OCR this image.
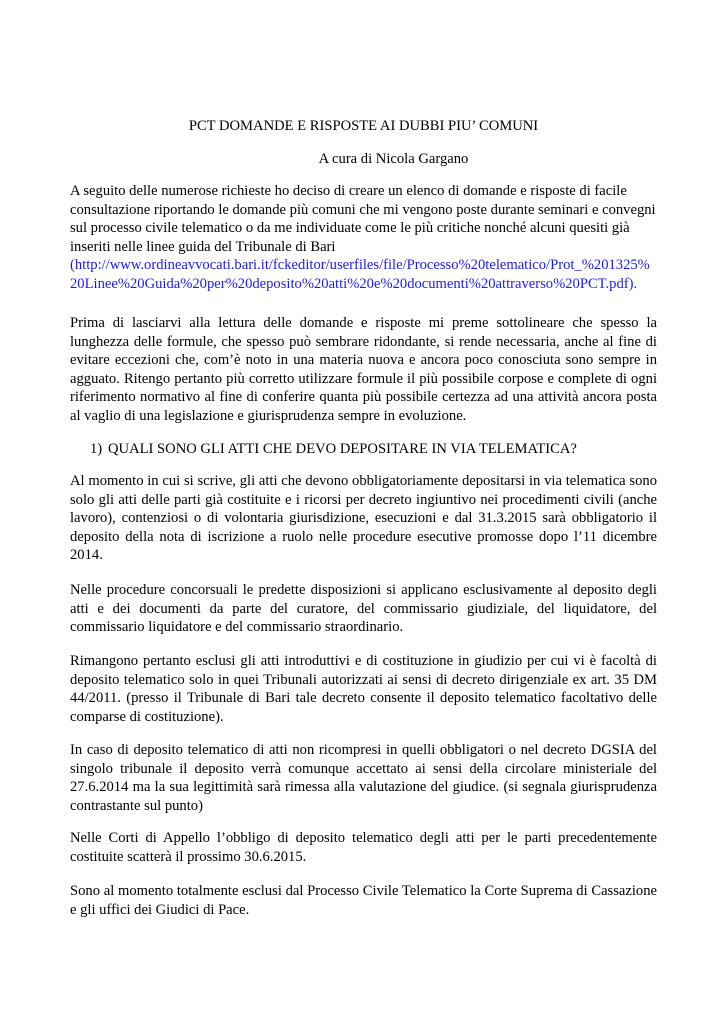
PCT DOMANDE E RISPOSTE AI DUBBI PIU’ COMUNI

A cura di Nicola Gargano

A seguito delle numerose richieste ho deciso di creare un elenco di domande e risposte di facile consultazione riportando le domande più comuni che mi vengono poste durante seminari e convegni sul processo civile telematico o da me individuate come le più critiche nonché alcuni quesiti già inseriti nelle linee guida del Tribunale di Bari
(http://www.ordineavvocati.bari.it/fckeditor/userfiles/file/Processo%20telematico/Prot_%201325%20Linee%20Guida%20per%20deposito%20atti%20e%20documenti%20attraverso%20PCT.pdf).

Prima di lasciarvi alla lettura delle domande e risposte mi preme sottolineare che spesso la lunghezza delle formule, che spesso può sembrare ridondante, si rende necessaria, anche al fine di evitare eccezioni che, com’è noto in una materia nuova e ancora poco conosciuta sono sempre in agguato. Ritengo pertanto più corretto utilizzare formule il più possibile corpose e complete di ogni riferimento normativo al fine di conferire quanta più possibile certezza ad una attività ancora posta al vaglio di una legislazione e giurisprudenza sempre in evoluzione.

1) QUALI SONO GLI ATTI CHE DEVO DEPOSITARE IN VIA TELEMATICA?

Al momento in cui si scrive, gli atti che devono obbligatoriamente depositarsi in via telematica sono solo gli atti delle parti già costituite e i ricorsi per decreto ingiuntivo nei procedimenti civili (anche lavoro), contenziosi o di volontaria giurisdizione, esecuzioni e dal 31.3.2015 sarà obbligatorio il deposito della nota di iscrizione a ruolo nelle procedure esecutive promosse dopo l’11 dicembre 2014.

Nelle procedure concorsuali le predette disposizioni si applicano esclusivamente al deposito degli atti e dei documenti da parte del curatore, del commissario giudiziale, del liquidatore, del commissario liquidatore e del commissario straordinario.

Rimangono pertanto esclusi gli atti introduttivi e di costituzione in giudizio per cui vi è facoltà di deposito telematico solo in quei Tribunali autorizzati ai sensi di decreto dirigenziale ex art. 35 DM 44/2011. (presso il Tribunale di Bari tale decreto consente il deposito telematico facoltativo delle comparse di costituzione).

In caso di deposito telematico di atti non ricompresi in quelli obbligatori o nel decreto DGSIA del singolo tribunale il deposito verrà comunque accettato ai sensi della circolare ministeriale del 27.6.2014 ma la sua legittimità sarà rimessa alla valutazione del giudice. (si segnala giurisprudenza contrastante sul punto)

Nelle Corti di Appello l’obbligo di deposito telematico degli atti per le parti precedentemente costituite scatterà il prossimo 30.6.2015.

Sono al momento totalmente esclusi dal Processo Civile Telematico la Corte Suprema di Cassazione e gli uffici dei Giudici di Pace.
